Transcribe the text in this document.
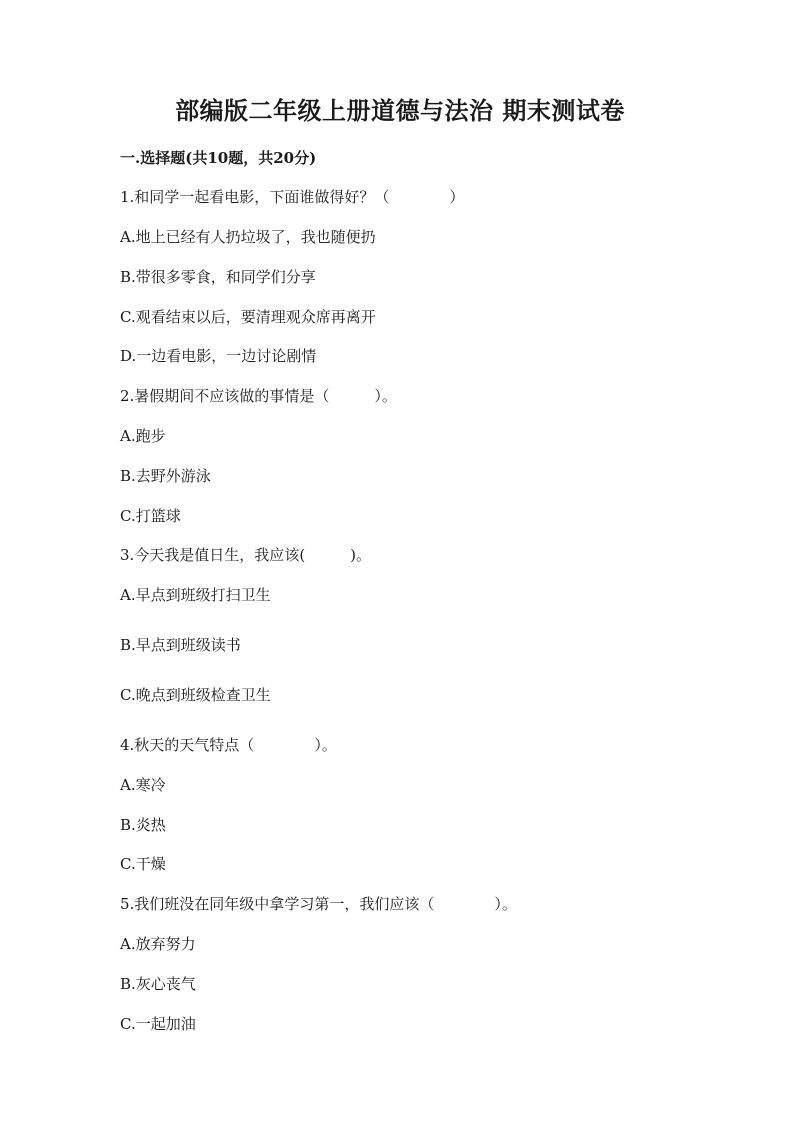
部编版二年级上册道德与法治 期末测试卷
一.选择题(共10题，共20分)
1.和同学一起看电影，下面谁做得好？（　　　　）
A.地上已经有人扔垃圾了，我也随便扔
B.带很多零食，和同学们分享
C.观看结束以后，要清理观众席再离开
D.一边看电影，一边讨论剧情
2.暑假期间不应该做的事情是（　　　）。
A.跑步
B.去野外游泳
C.打篮球
3.今天我是值日生，我应该(　　　)。
A.早点到班级打扫卫生
B.早点到班级读书
C.晚点到班级检查卫生
4.秋天的天气特点（　　　　）。
A.寒冷
B.炎热
C.干燥
5.我们班没在同年级中拿学习第一，我们应该（　　　　）。
A.放弃努力
B.灰心丧气
C.一起加油
